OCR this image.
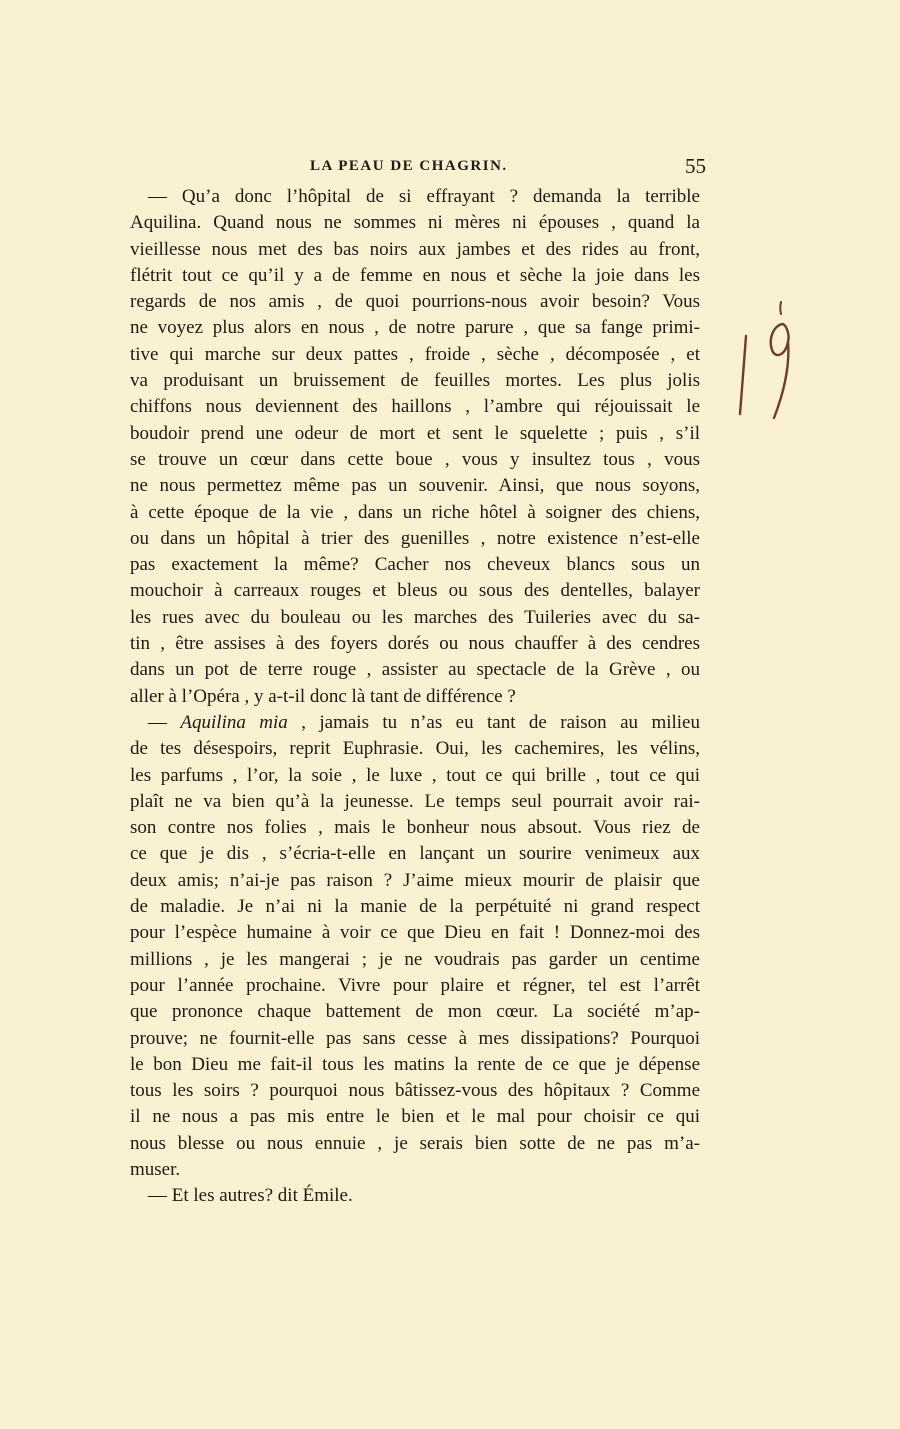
LA PEAU DE CHAGRIN.	55
— Qu’a donc l’hôpital de si effrayant ? demanda la terrible
Aquilina. Quand nous ne sommes ni mères ni épouses , quand la
vieillesse nous met des bas noirs aux jambes et des rides au front,
flétrit tout ce qu’il y a de femme en nous et sèche la joie dans les
regards de nos amis , de quoi pourrions-nous avoir besoin? Vous
ne voyez plus alors en nous , de notre parure , que sa fange primi-
tive qui marche sur deux pattes , froide , sèche , décomposée , et
va produisant un bruissement de feuilles mortes. Les plus jolis
chiffons nous deviennent des haillons , l’ambre qui réjouissait le
boudoir prend une odeur de mort et sent le squelette ; puis , s’il
se trouve un cœur dans cette boue , vous y insultez tous , vous
ne nous permettez même pas un souvenir. Ainsi, que nous soyons,
à cette époque de la vie , dans un riche hôtel à soigner des chiens,
ou dans un hôpital à trier des guenilles , notre existence n’est-elle
pas exactement la même? Cacher nos cheveux blancs sous un
mouchoir à carreaux rouges et bleus ou sous des dentelles, balayer
les rues avec du bouleau ou les marches des Tuileries avec du sa-
tin , être assises à des foyers dorés ou nous chauffer à des cendres
dans un pot de terre rouge , assister au spectacle de la Grève , ou
aller à l’Opéra , y a-t-il donc là tant de différence ?
— Aquilina mia , jamais tu n’as eu tant de raison au milieu
de tes désespoirs, reprit Euphrasie. Oui, les cachemires, les vélins,
les parfums , l’or, la soie , le luxe , tout ce qui brille , tout ce qui
plaît ne va bien qu’à la jeunesse. Le temps seul pourrait avoir rai-
son contre nos folies , mais le bonheur nous absout. Vous riez de
ce que je dis , s’écria-t-elle en lançant un sourire venimeux aux
deux amis; n’ai-je pas raison ? J’aime mieux mourir de plaisir que
de maladie. Je n’ai ni la manie de la perpétuité ni grand respect
pour l’espèce humaine à voir ce que Dieu en fait ! Donnez-moi des
millions , je les mangerai ; je ne voudrais pas garder un centime
pour l’année prochaine. Vivre pour plaire et régner, tel est l’arrêt
que prononce chaque battement de mon cœur. La société m’ap-
prouve; ne fournit-elle pas sans cesse à mes dissipations? Pourquoi
le bon Dieu me fait-il tous les matins la rente de ce que je dépense
tous les soirs ? pourquoi nous bâtissez-vous des hôpitaux ? Comme
il ne nous a pas mis entre le bien et le mal pour choisir ce qui
nous blesse ou nous ennuie , je serais bien sotte de ne pas m’a-
muser.
— Et les autres? dit Émile.
